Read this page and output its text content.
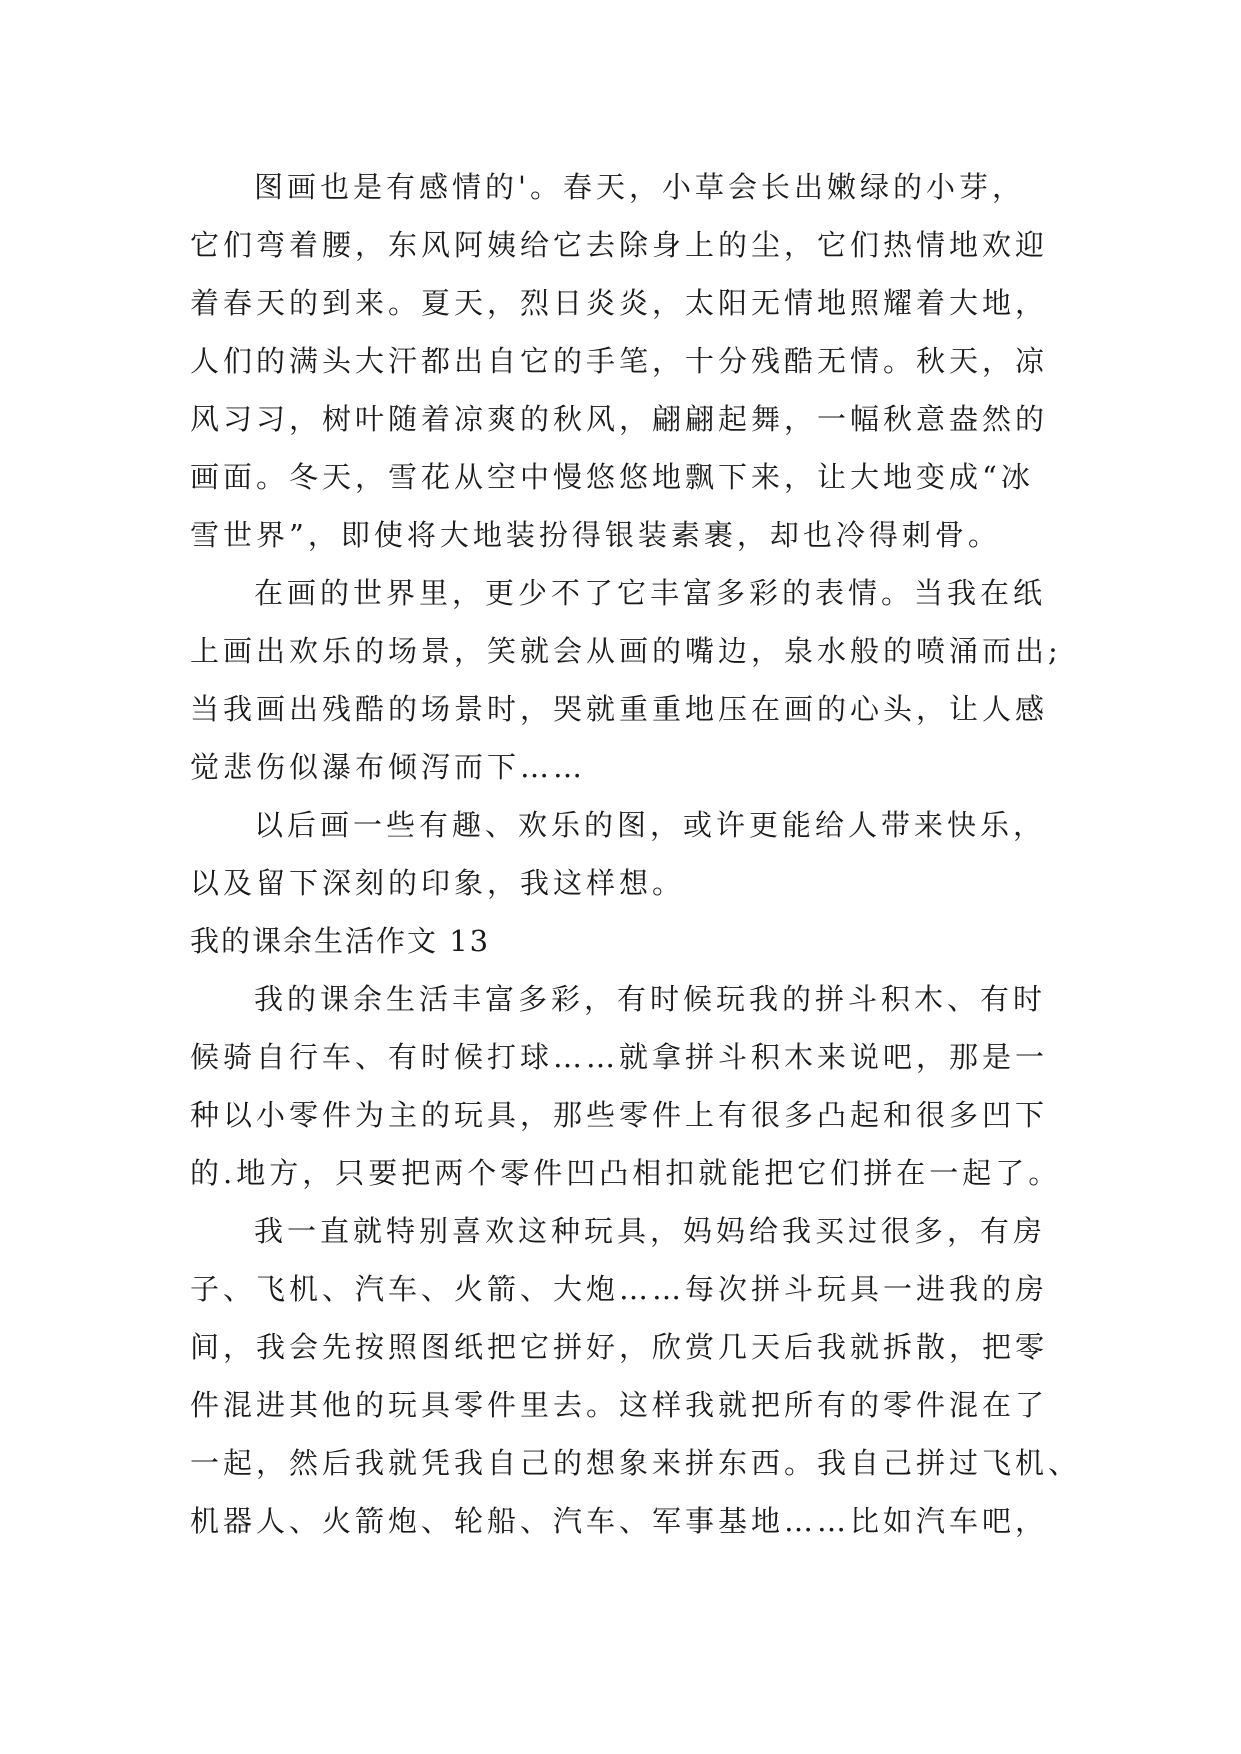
图画也是有感情的'。春天，小草会长出嫩绿的小芽，
它们弯着腰，东风阿姨给它去除身上的尘，它们热情地欢迎
着春天的到来。夏天，烈日炎炎，太阳无情地照耀着大地，
人们的满头大汗都出自它的手笔，十分残酷无情。秋天，凉
风习习，树叶随着凉爽的秋风，翩翩起舞，一幅秋意盎然的
画面。冬天，雪花从空中慢悠悠地飘下来，让大地变成“冰
雪世界”，即使将大地装扮得银装素裹，却也冷得刺骨。
在画的世界里，更少不了它丰富多彩的表情。当我在纸
上画出欢乐的场景，笑就会从画的嘴边，泉水般的喷涌而出;
当我画出残酷的场景时，哭就重重地压在画的心头，让人感
觉悲伤似瀑布倾泻而下……
以后画一些有趣、欢乐的图，或许更能给人带来快乐，
以及留下深刻的印象，我这样想。
我的课余生活作文 13
我的课余生活丰富多彩，有时候玩我的拼斗积木、有时
候骑自行车、有时候打球……就拿拼斗积木来说吧，那是一
种以小零件为主的玩具，那些零件上有很多凸起和很多凹下
的.地方，只要把两个零件凹凸相扣就能把它们拼在一起了。
我一直就特别喜欢这种玩具，妈妈给我买过很多，有房
子、飞机、汽车、火箭、大炮……每次拼斗玩具一进我的房
间，我会先按照图纸把它拼好，欣赏几天后我就拆散，把零
件混进其他的玩具零件里去。这样我就把所有的零件混在了
一起，然后我就凭我自己的想象来拼东西。我自己拼过飞机、
机器人、火箭炮、轮船、汽车、军事基地……比如汽车吧，
